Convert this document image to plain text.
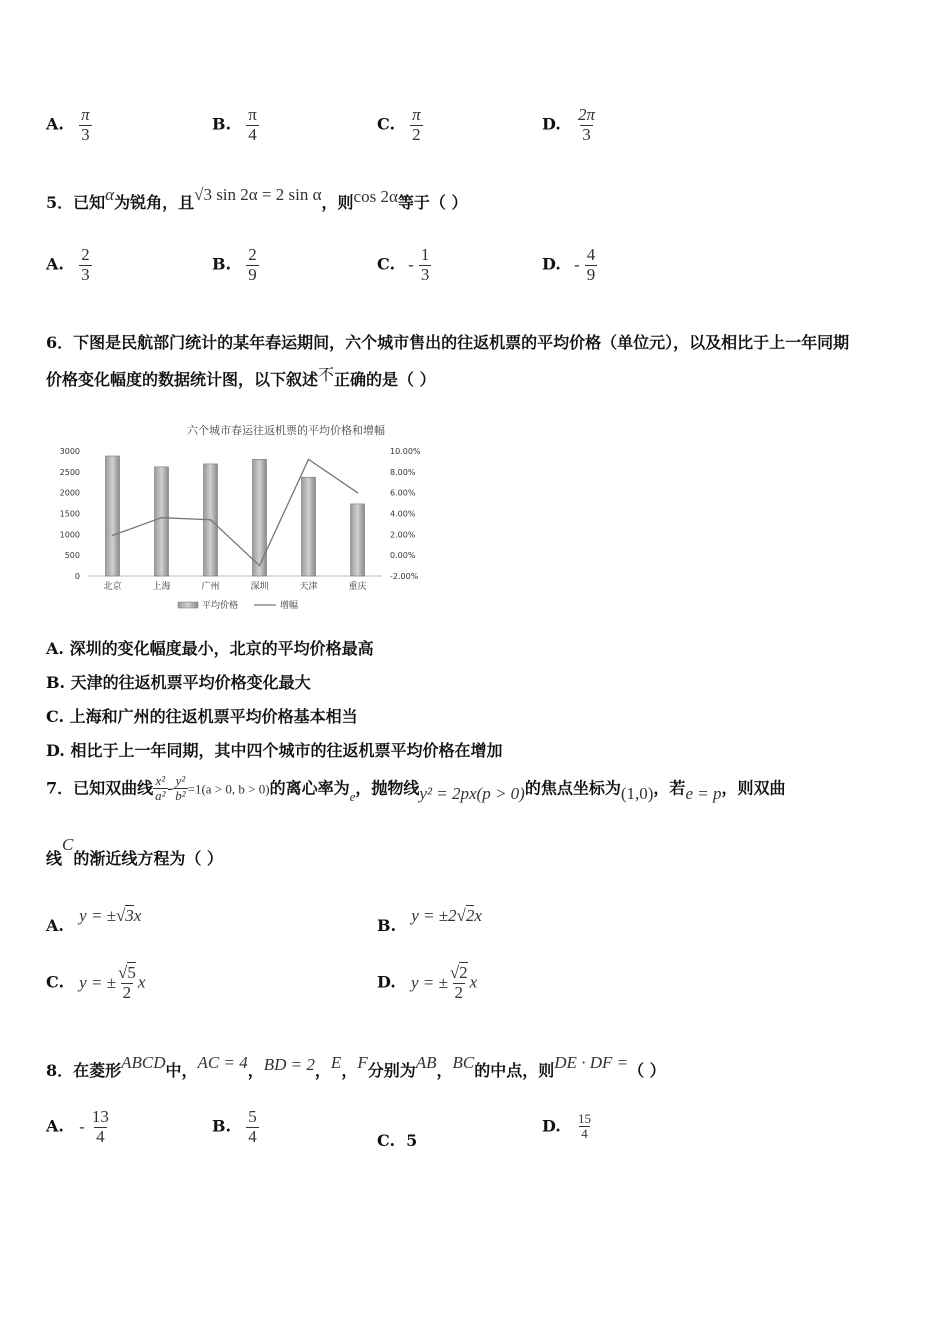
A. $\frac{\pi}{3}$	B. $\frac{\pi}{4}$	C. $\frac{\pi}{2}$	D. $\frac{2\pi}{3}$
5．已知α为锐角，且√3 sin 2α = 2 sin α，则cos 2α等于（ ）
A. $\frac{2}{3}$	B. $\frac{2}{9}$	C. - $\frac{1}{3}$	D. - $\frac{4}{9}$
6．下图是民航部门统计的某年春运期间，六个城市售出的往返机票的平均价格（单位元），以及相比于上一年同期
价格变化幅度的数据统计图，以下叙述不正确的是（ ）
六个城市春运往返机票的平均价格和增幅
0
500
1000
1500
2000
2500
3000
-2.00%
0.00%
2.00%
4.00%
6.00%
8.00%
10.00%
北京	上海	广州	深圳	天津	重庆
平均价格	增幅
A. 深圳的变化幅度最小，北京的平均价格最高
B. 天津的往返机票平均价格变化最大
C. 上海和广州的往返机票平均价格基本相当
D. 相比于上一年同期，其中四个城市的往返机票平均价格在增加
7．已知双曲线 $\frac{\text{x²}}{\text{a²}} - \frac{\text{y²}}{\text{b²}} =1(a > 0$, b > 0)的离心率为$_e$，抛物线y² = 2px(p > 0)的焦点坐标为(1,0)，若e = p，则双曲
线C的渐近线方程为（ ）
A. y = ±√3x
B. y = ±2√2x
C. y = ± $\frac{√5}{2}$ x	D. y = ± $\frac{√2}{2}$ x
8．在菱形ABCD中，AC = 4，BD = 2，E，F分别为AB，BC的中点，则DE · DF =（ ）
A. - $\frac{13}{4}$	B. $\frac{5}{4}$	C. 5
D. $\frac{15}{4}$
